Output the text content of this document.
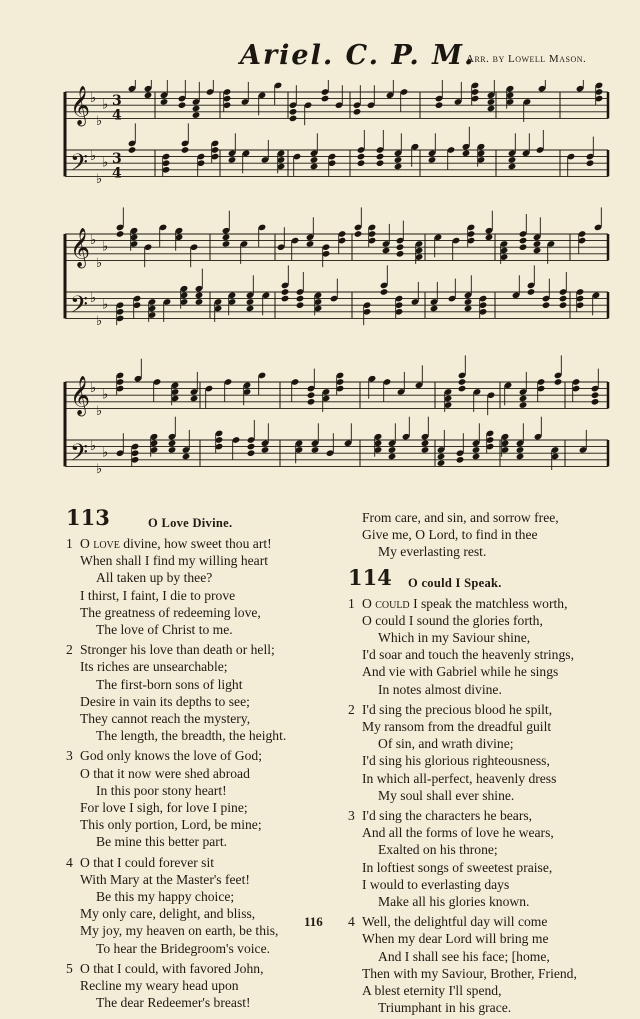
Ariel. C. P. M.
Arr. by Lowell Mason.
𝄞 ♭
♭
♭ 3
4
𝄢 ♭
♭
♭ 3
4
𝄞 ♭
♭
♭
𝄢 ♭
♭
♭
𝄞 ♭
♭
♭
𝄢 ♭
♭
♭
113	O Love Divine.
O love divine, how sweet thou art!
1
When shall I find my willing heart
All taken up by thee?
I thirst, I faint, I die to prove
The greatness of redeeming love,
The love of Christ to me.
Stronger his love than death or hell;
2
Its riches are unsearchable;
The first-born sons of light
Desire in vain its depths to see;
They cannot reach the mystery,
The length, the breadth, the height.
God only knows the love of God;
3
O that it now were shed abroad
In this poor stony heart!
For love I sigh, for love I pine;
This only portion, Lord, be mine;
Be mine this better part.
O that I could forever sit
4
With Mary at the Master's feet!
Be this my happy choice;
My only care, delight, and bliss,
My joy, my heaven on earth, be this,
To hear the Bridegroom's voice.
O that I could, with favored John,
5
Recline my weary head upon
The dear Redeemer's breast!
From care, and sin, and sorrow free,
Give me, O Lord, to find in thee
My everlasting rest.
114 O could I Speak.
O could I speak the matchless worth,
1
O could I sound the glories forth,
Which in my Saviour shine,
I'd soar and touch the heavenly strings,
And vie with Gabriel while he sings
In notes almost divine.
I'd sing the precious blood he spilt,
2
My ransom from the dreadful guilt
Of sin, and wrath divine;
I'd sing his glorious righteousness,
In which all-perfect, heavenly dress
My soul shall ever shine.
I'd sing the characters he bears,
3
And all the forms of love he wears,
Exalted on his throne;
In loftiest songs of sweetest praise,
I would to everlasting days
Make all his glories known.
Well, the delightful day will come
4
When my dear Lord will bring me
And I shall see his face; [home,
Then with my Saviour, Brother, Friend,
A blest eternity I'll spend,
Triumphant in his grace.
116
